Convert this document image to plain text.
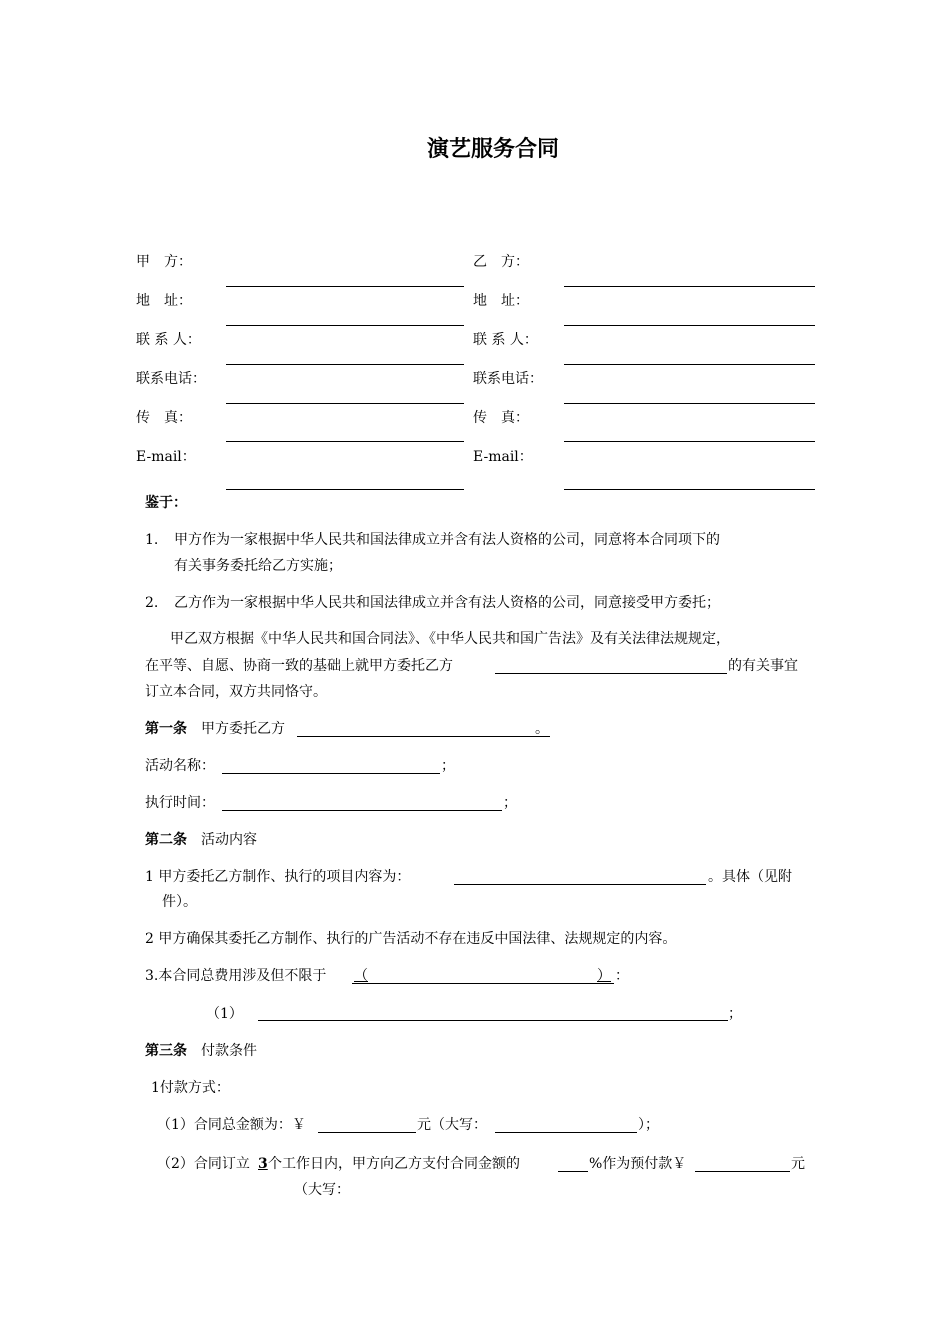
演艺服务合同
甲　方：
地　址：
联 系 人：
联系电话：
传　真：
E-mail：
乙　方：
地　址：
联 系 人：
联系电话：
传　真：
E-mail：
鉴于：
1. 甲方作为一家根据中华人民共和国法律成立并含有法人资格的公司，同意将本合同项下的
有关事务委托给乙方实施；
2. 乙方作为一家根据中华人民共和国法律成立并含有法人资格的公司，同意接受甲方委托；
甲乙双方根据《中华人民共和国合同法》、《中华人民共和国广告法》及有关法律法规规定，
在平等、自愿、协商一致的基础上就甲方委托乙方	的有关事宜
订立本合同，双方共同恪守。
第一条 甲方委托乙方	。
活动名称：	；
执行时间：	；
第二条 活动内容
1 甲方委托乙方制作、执行的项目内容为：	。具体（见附
件）。
2 甲方确保其委托乙方制作、执行的广告活动不存在违反中国法律、法规规定的内容。
3.本合同总费用涉及但不限于 （	） ：
（1）	；
第三条 付款条件
1付款方式：
（1）合同总金额为：￥	元（大写：	）；
（2）合同订立 3 个工作日内，甲方向乙方支付合同金额的	%作为预付款￥	元
（大写：
